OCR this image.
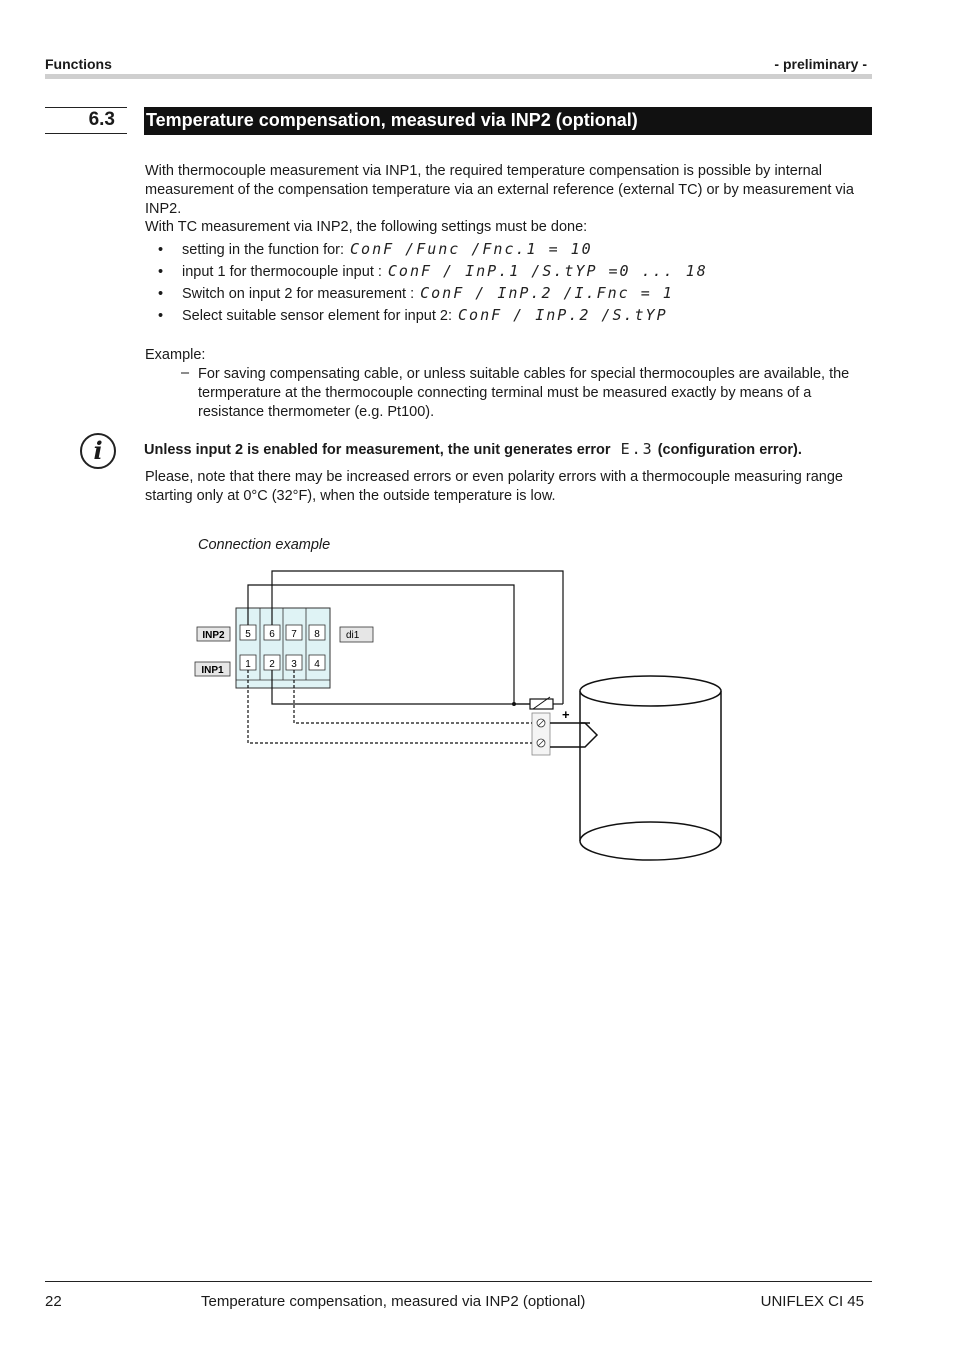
Functions	- preliminary -
6.3 Temperature compensation, measured via INP2 (optional)
With thermocouple measurement via INP1, the required temperature compensation is possible by internal measurement of the compensation temperature via an external reference (external TC) or by measurement via INP2.
With TC measurement via INP2, the following settings must be done:
• setting in the function for: ConF /Func /Fnc.1 = 10
• input 1 for thermocouple input : ConF / InP.1 /S.tYP =0 ... 18
• Switch on input 2 for measurement : ConF / InP.2 /I.Fnc = 1
• Select suitable sensor element for input 2: ConF / InP.2 /S.tYP
Example:
– For saving compensating cable, or unless suitable cables for special thermocouples are available, the termperature at the thermocouple connecting terminal must be measured exactly by means of a resistance thermometer (e.g. Pt100).
i	Unless input 2 is enabled for measurement, the unit generates error E.3 (configuration error).
Please, note that there may be increased errors or even polarity errors with a thermocouple measuring range starting only at 0°C (32°F), when the outside temperature is low.
Connection example
5 6 7 8
1 2 3 4
INP2
INP1
di1
+
22	Temperature compensation, measured via INP2 (optional)	UNIFLEX CI 45
